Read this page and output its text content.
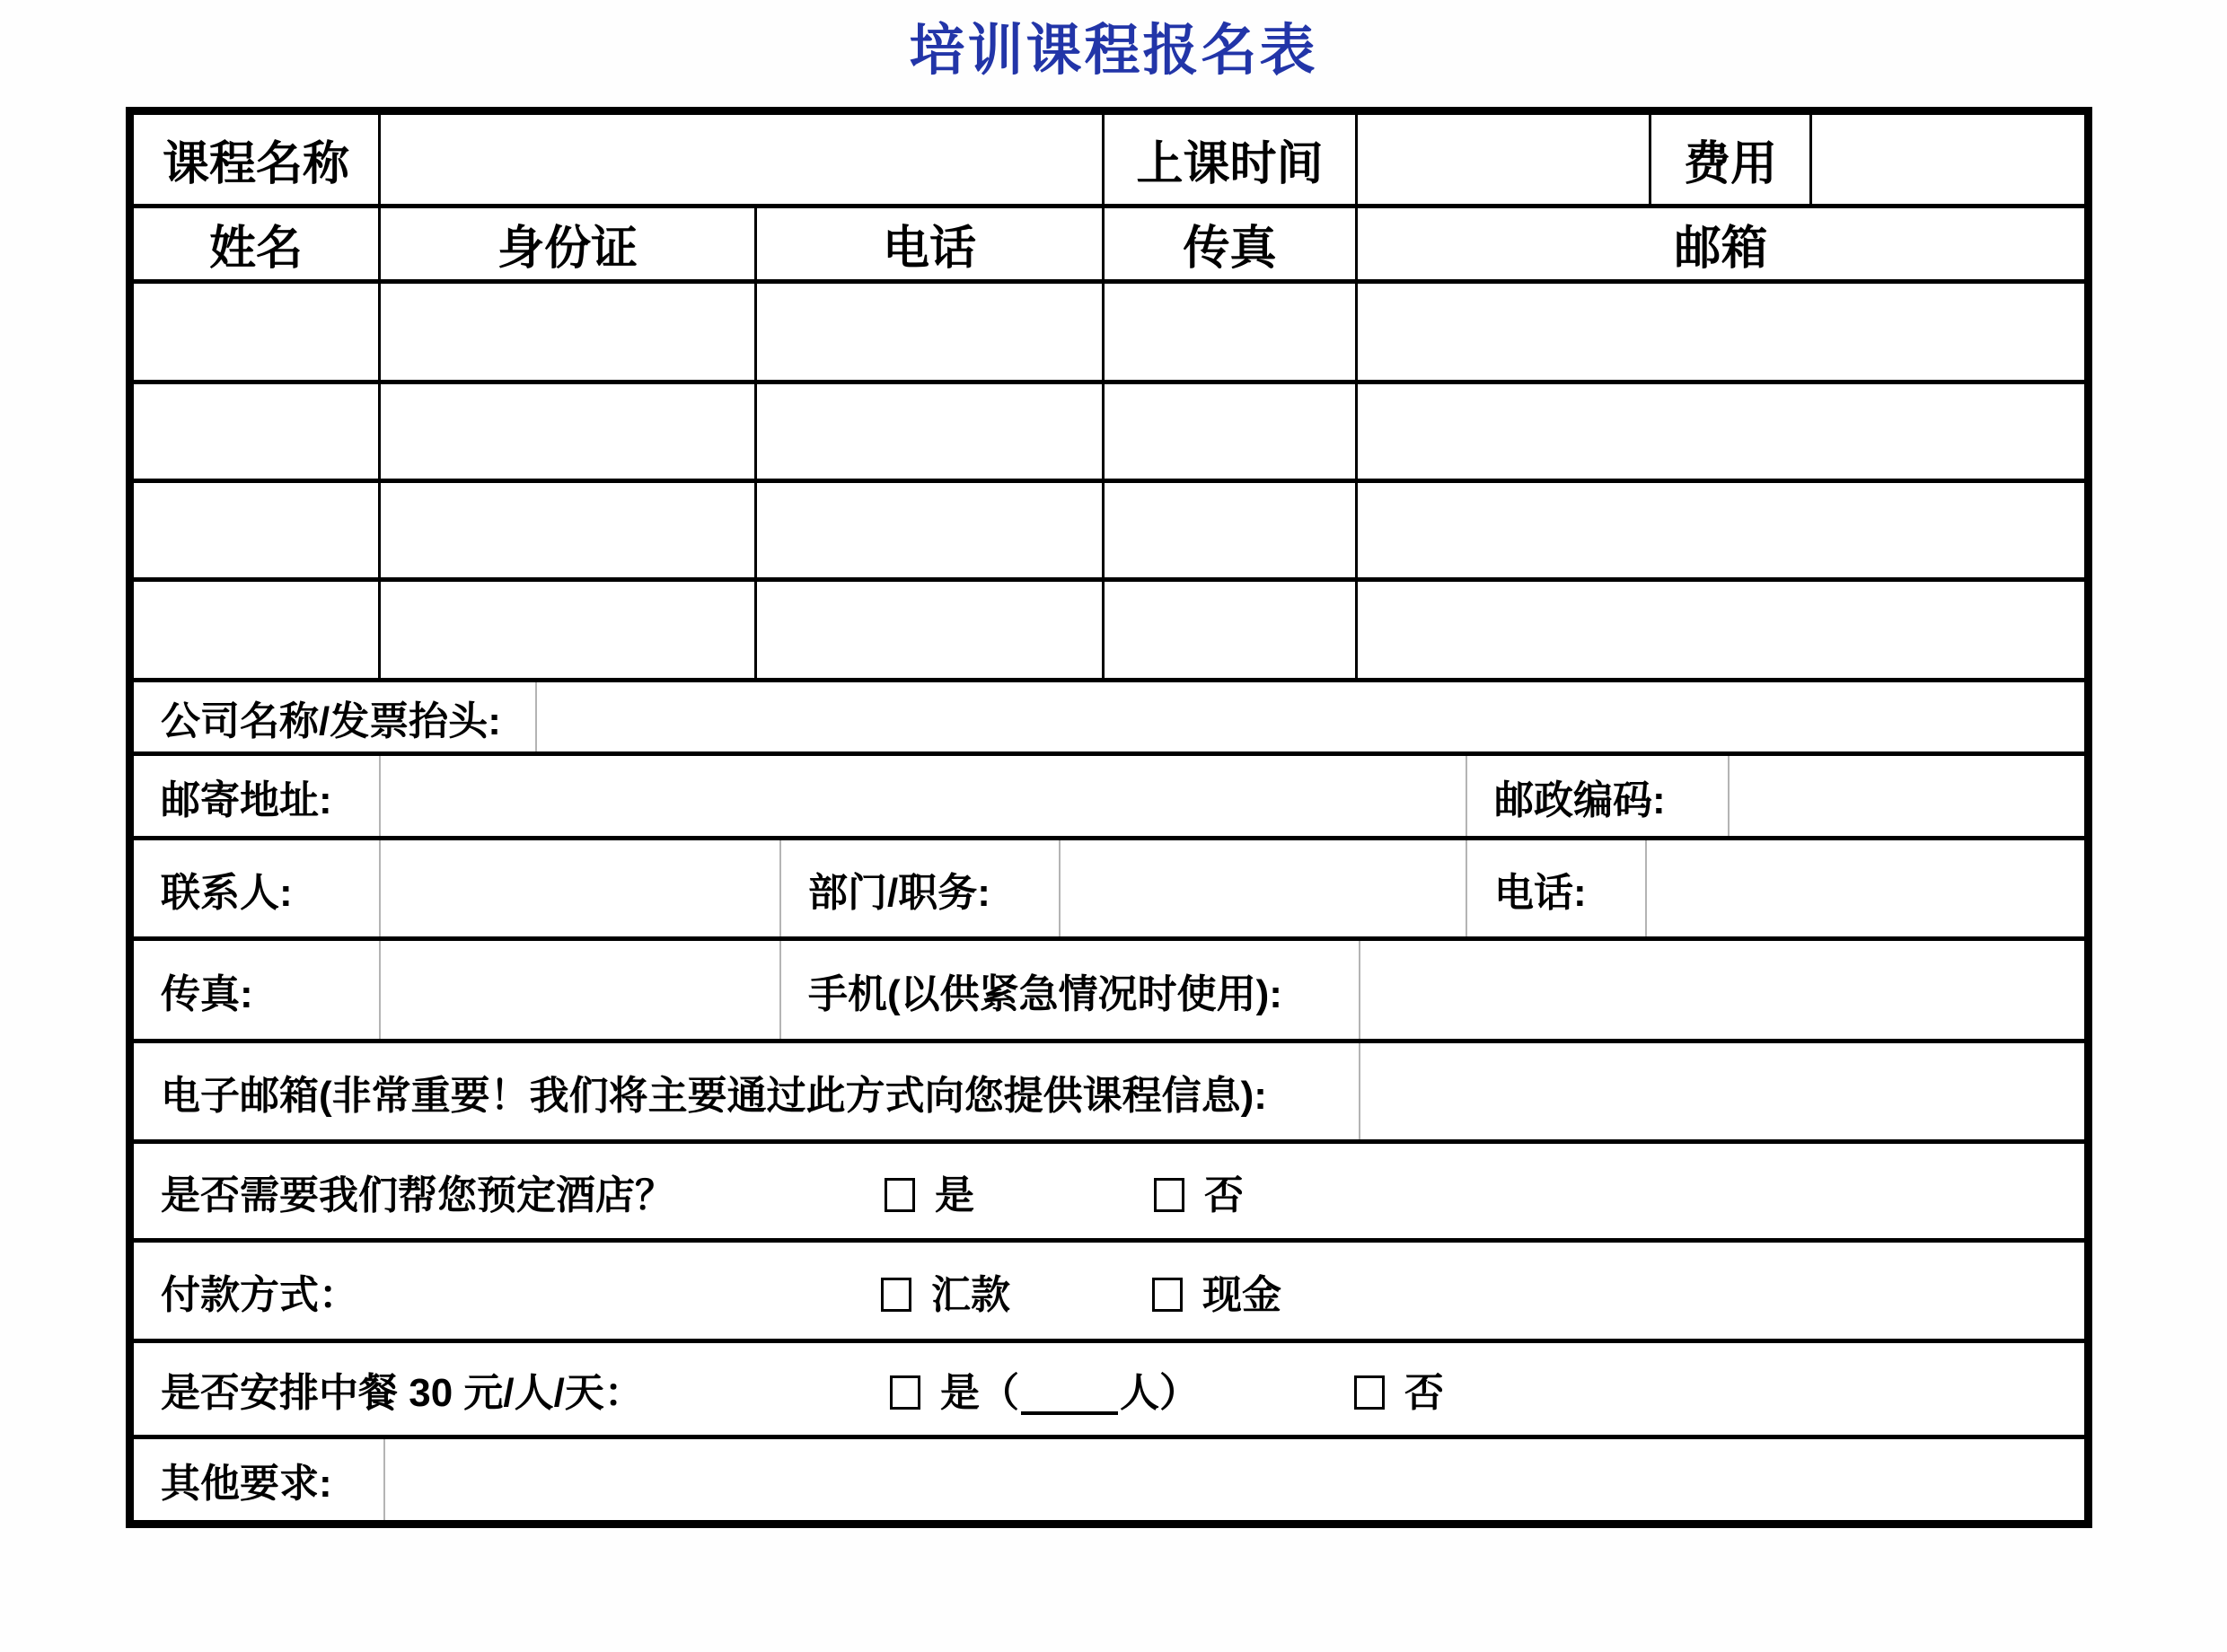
培训课程报名表
课程名称	上课时间	费用
姓名	身份证	电话	传真	邮箱
公司名称/发票抬头:
邮寄地址:	邮政编码:
联系人:	部门/职务:	电话:
传真:	手机(以供紧急情况时使用):
电子邮箱(非常重要！我们将主要通过此方式向您提供课程信息):
是否需要我们帮您预定酒店？	是	否
付款方式：	汇款	现金
是否安排中餐 30 元/人/天：	是（	人）	否
其他要求:
